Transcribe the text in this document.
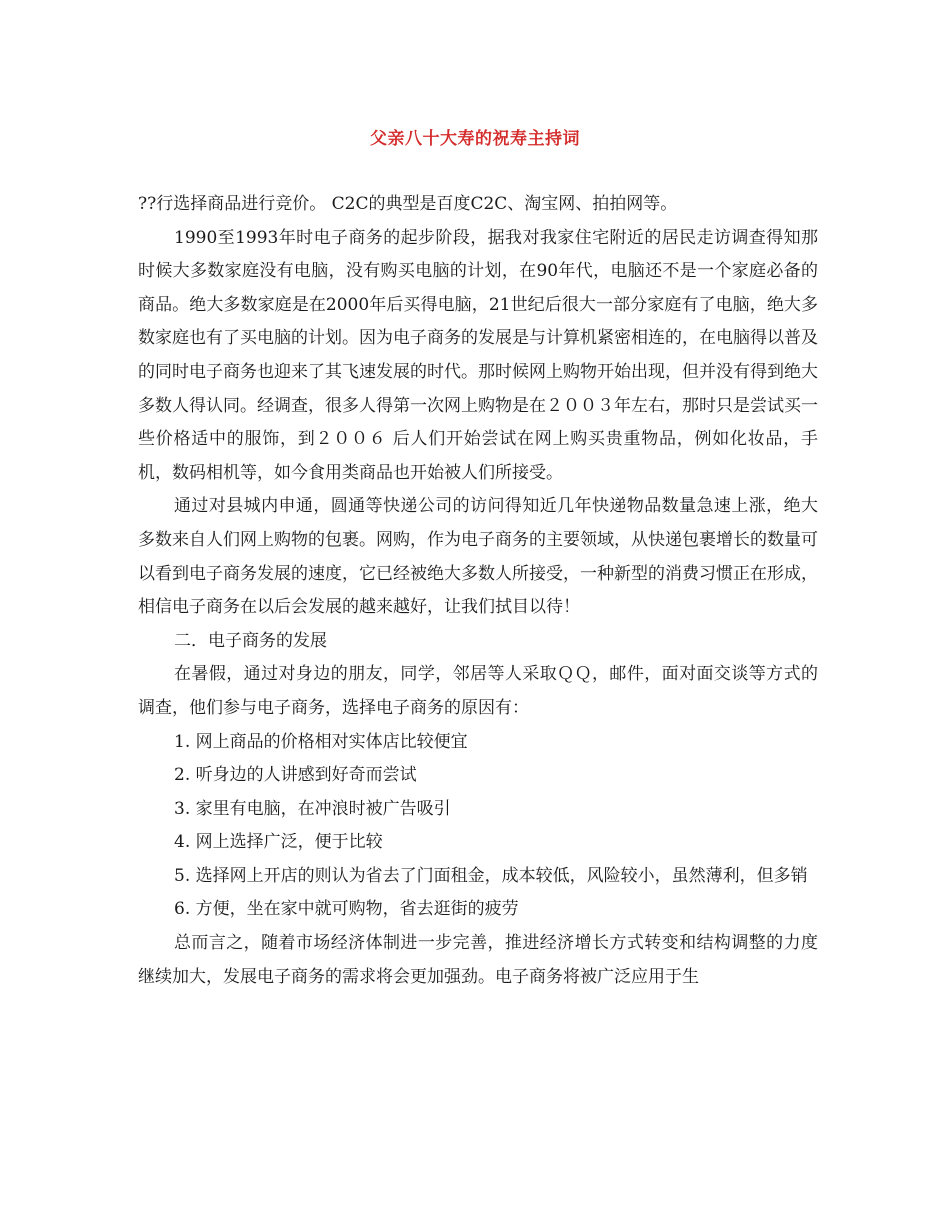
父亲八十大寿的祝寿主持词

??行选择商品进行竞价。 C2C的典型是百度C2C、淘宝网、拍拍网等。

1990至1993年时电子商务的起步阶段，据我对我家住宅附近的居民走访调查得知那时候大多数家庭没有电脑，没有购买电脑的计划，在90年代，电脑还不是一个家庭必备的商品。绝大多数家庭是在2000年后买得电脑，21世纪后很大一部分家庭有了电脑，绝大多数家庭也有了买电脑的计划。因为电子商务的发展是与计算机紧密相连的，在电脑得以普及的同时电子商务也迎来了其飞速发展的时代。那时候网上购物开始出现，但并没有得到绝大多数人得认同。经调查，很多人得第一次网上购物是在２００３年左右，那时只是尝试买一些价格适中的服饰，到２００６ 后人们开始尝试在网上购买贵重物品，例如化妆品，手机，数码相机等，如今食用类商品也开始被人们所接受。

通过对县城内申通，圆通等快递公司的访问得知近几年快递物品数量急速上涨，绝大多数来自人们网上购物的包裹。网购，作为电子商务的主要领域，从快递包裹增长的数量可以看到电子商务发展的速度，它已经被绝大多数人所接受，一种新型的消费习惯正在形成，相信电子商务在以后会发展的越来越好，让我们拭目以待！

二．电子商务的发展

在暑假，通过对身边的朋友，同学，邻居等人采取ＱＱ，邮件，面对面交谈等方式的调查，他们参与电子商务，选择电子商务的原因有：

1. 网上商品的价格相对实体店比较便宜

2. 听身边的人讲感到好奇而尝试

3. 家里有电脑，在冲浪时被广告吸引

4. 网上选择广泛，便于比较

5. 选择网上开店的则认为省去了门面租金，成本较低，风险较小，虽然薄利，但多销

6. 方便，坐在家中就可购物，省去逛街的疲劳

总而言之，随着市场经济体制进一步完善，推进经济增长方式转变和结构调整的力度继续加大，发展电子商务的需求将会更加强劲。电子商务将被广泛应用于生
